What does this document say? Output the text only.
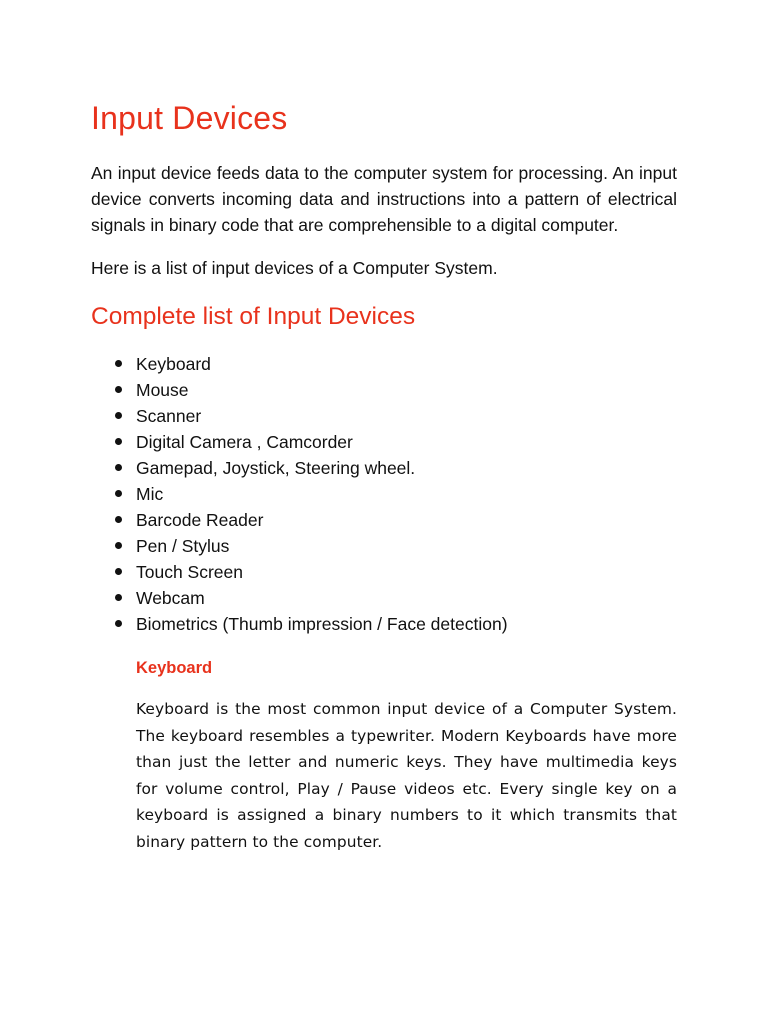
Input Devices

An input device feeds data to the computer system for processing. An input device converts incoming data and instructions into a pattern of electrical signals in binary code that are comprehensible to a digital computer.

Here is a list of input devices of a Computer System.

Complete list of Input Devices
Keyboard
Mouse
Scanner
Digital Camera , Camcorder
Gamepad, Joystick, Steering wheel.
Mic
Barcode Reader
Pen / Stylus
Touch Screen
Webcam
Biometrics (Thumb impression / Face detection)
Keyboard

Keyboard is the most common input device of a Computer System. The keyboard resembles a typewriter. Modern Keyboards have more than just the letter and numeric keys. They have multimedia keys for volume control, Play / Pause videos etc. Every single key on a keyboard is assigned a binary numbers to it which transmits that binary pattern to the computer.
